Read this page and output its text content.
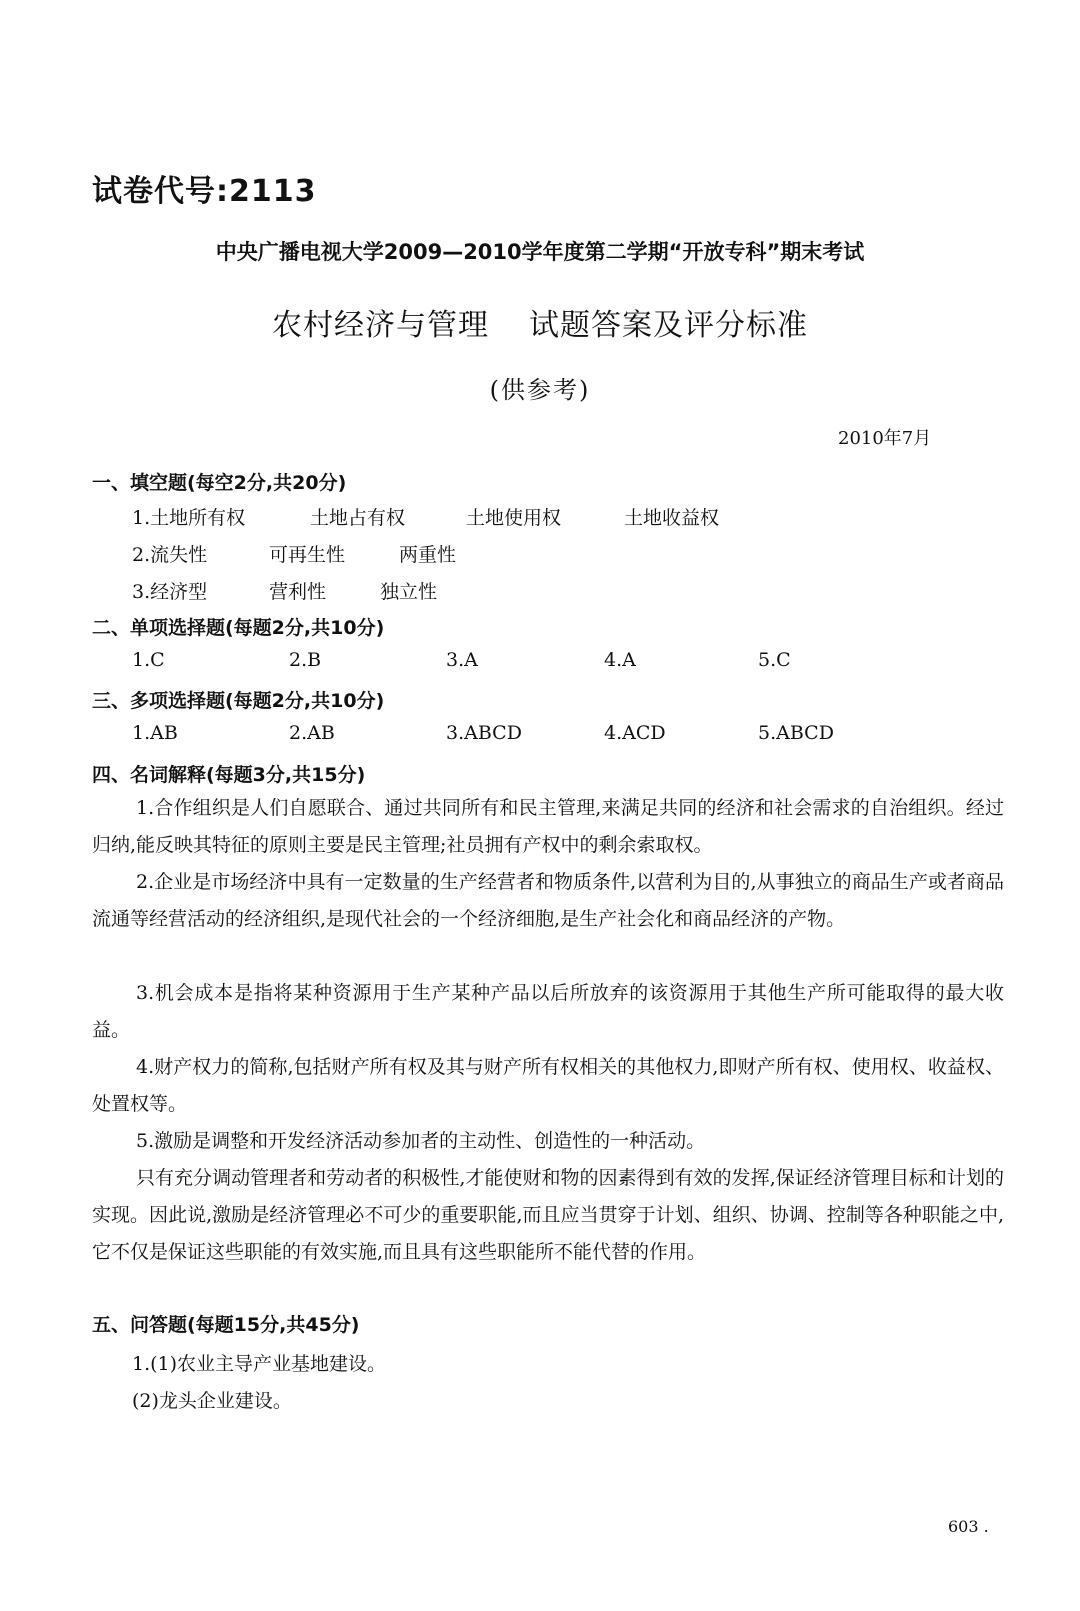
试卷代号:2113
中央广播电视大学2009—2010学年度第二学期“开放专科”期末考试
农村经济与管理 试题答案及评分标准
(供参考)
2010年7月
一、填空题(每空2分,共20分)
1.土地所有权	土地占有权	土地使用权	土地收益权
2.流失性	可再生性	两重性
3.经济型	营利性	独立性
二、单项选择题(每题2分,共10分)
1.C	2.B	3.A	4.A	5.C
三、多项选择题(每题2分,共10分)
1.AB	2.AB	3.ABCD	4.ACD	5.ABCD
四、名词解释(每题3分,共15分)
1.合作组织是人们自愿联合、通过共同所有和民主管理,来满足共同的经济和社会需求的自治组织。经过归纳,能反映其特征的原则主要是民主管理;社员拥有产权中的剩余索取权。
2.企业是市场经济中具有一定数量的生产经营者和物质条件,以营利为目的,从事独立的商品生产或者商品流通等经营活动的经济组织,是现代社会的一个经济细胞,是生产社会化和商品经济的产物。
3.机会成本是指将某种资源用于生产某种产品以后所放弃的该资源用于其他生产所可能取得的最大收益。
4.财产权力的简称,包括财产所有权及其与财产所有权相关的其他权力,即财产所有权、使用权、收益权、处置权等。
5.激励是调整和开发经济活动参加者的主动性、创造性的一种活动。
只有充分调动管理者和劳动者的积极性,才能使财和物的因素得到有效的发挥,保证经济管理目标和计划的实现。因此说,激励是经济管理必不可少的重要职能,而且应当贯穿于计划、组织、协调、控制等各种职能之中,它不仅是保证这些职能的有效实施,而且具有这些职能所不能代替的作用。
五、问答题(每题15分,共45分)
1.(1)农业主导产业基地建设。
(2)龙头企业建设。
603 .
